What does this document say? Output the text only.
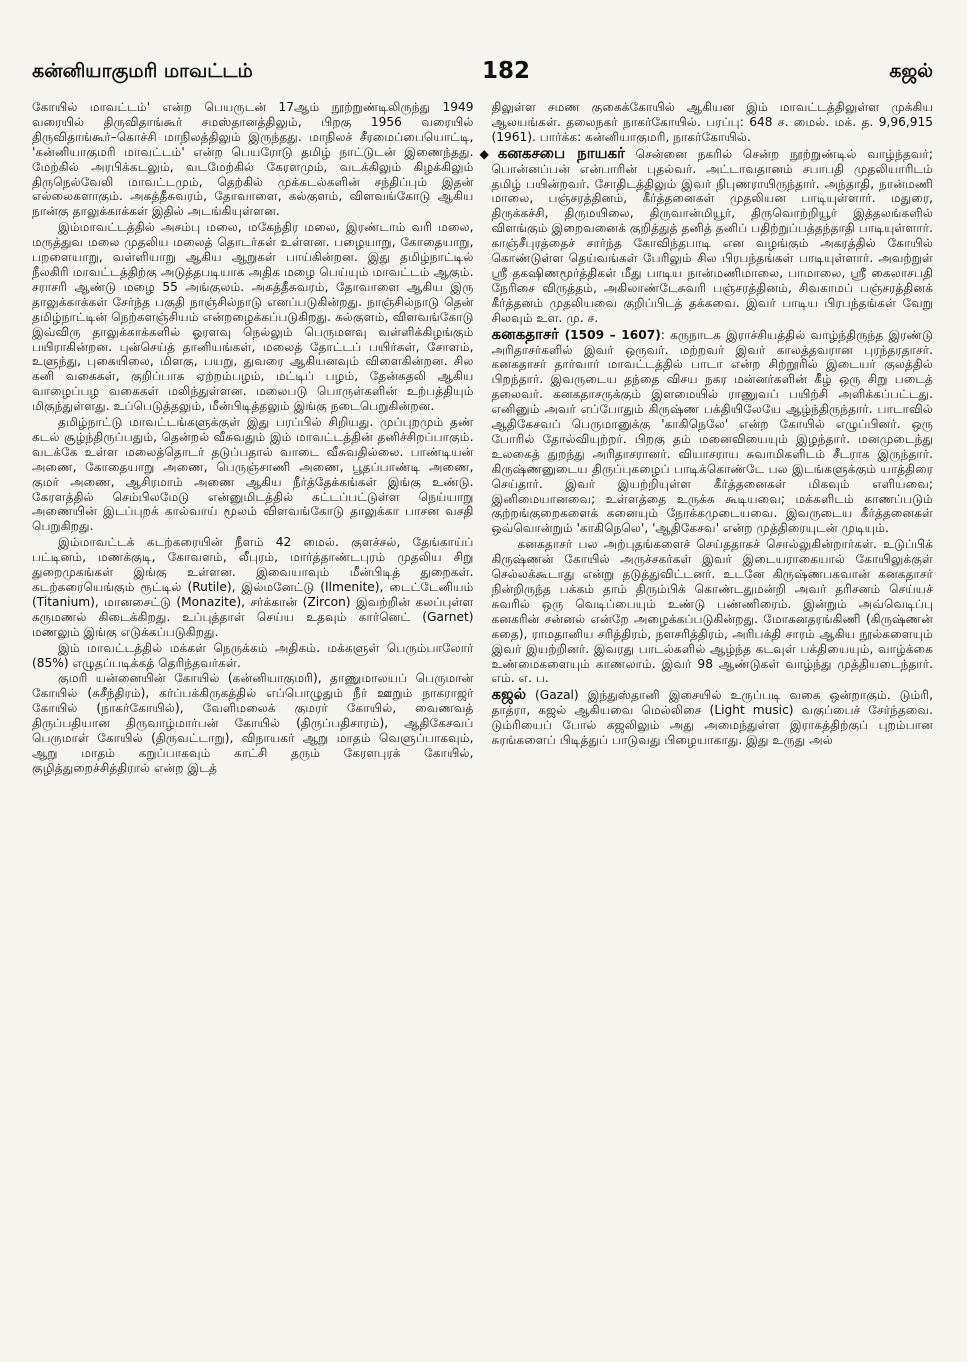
கன்னியாகுமரி மாவட்டம்	182	கஜல்

கோயில் மாவட்டம்' என்ற பெயருடன் 17ஆம் நூற்றுண்டிலிருந்து 1949 வரையில் திருவிதாங்கூர் சமஸ்தானத்திலும், பிறகு 1956 வரையில் திருவிதாங்கூர்–கொச்சி மாநிலத்திலும் இருந்தது. மாநிலச் சீரமைப்பையொட்டி, 'கன்னியாகுமரி மாவட்டம்' என்ற பெயரோடு தமிழ் நாட்டுடன் இணைந்தது. மேற்கில் அரபிக்கடலும், வடமேற்கில் கேரளமும், வடக்கிலும் கிழக்கிலும் திருநெல்வேலி மாவட்டமும், தெற்கில் முக்கடல்களின் சந்திப்பும் இதன் எல்லைகளாகும். அகத்தீசுவரம், தோவாளை, கல்குளம், விளவங்கோடு ஆகிய நான்கு தாலுக்காக்கள் இதில் அடங்கியுள்ளன.

இம்மாவட்டத்தில் அசம்பு மலை, மகேந்திர மலை, இரண்டாம் வரி மலை, மருத்துவ மலை முதலிய மலைத் தொடர்கள் உள்ளன. பழையாறு, கோதையாறு, பறளையாறு, வள்ளியாறு ஆகிய ஆறுகள் பாய்கின்றன. இது தமிழ்நாட்டில் நீலகிரி மாவட்டத்திற்கு அடுத்தபடியாக அதிக மழை பெய்யும் மாவட்டம் ஆகும். சராசரி ஆண்டு மழை 55 அங்குலம். அகத்தீசுவரம், தோவாளை ஆகிய இரு தாலுக்காக்கள் சேர்ந்த பகுதி நாஞ்சில்நாடு எனப்படுகின்றது. நாஞ்சில்நாடு தென் தமிழ்நாட்டின் நெற்களஞ்சியம் என்றழைக்கப்படுகிறது. கல்குளம், விளவங்கோடு இவ்விரு தாலுக்காக்களில் ஓரளவு நெல்லும் பெருமளவு வள்ளிக்கிழங்கும் பயிராகின்றன. புன்செய்த் தானியங்கள், மலைத் தோட்டப் பயிர்கள், சோளம், உளுந்து, புகையிலை, மிளகு, பயறு, துவரை ஆகியனவும் விளைகின்றன. சில கனி வகைகள், குறிப்பாக ஏற்றம்பழம், மட்டிப் பழம், தேன்கதலி ஆகிய வாழைப்பழ வகைகள் மலிந்துள்ளன. மலைபடு பொருள்களின் உற்பத்தியும் மிகுந்துள்ளது. உப்பெடுத்தலும், மீன்பிடித்தலும் இங்கு நடைபெறுகின்றன.

தமிழ்நாட்டு மாவட்டங்களுக்குள் இது பரப்பில் சிறியது. முப்புறமும் தண் கடல் சூழ்ந்திருப்பதும், தென்றல் வீசுவதும் இம் மாவட்டத்தின் தனிச்சிறப்பாகும். வடக்கே உள்ள மலைத்தொடர் தடுப்பதால் வாடை வீசுவதில்லை. பாண்டியன் அணை, கோதையாறு அணை, பெருஞ்சாணி அணை, பூதப்பாண்டி அணை, குமர் அணை, ஆசிரமாம் அணை ஆகிய நீர்த்தேக்கங்கள் இங்கு உண்டு. கேரளத்தில் செம்பிலமேடு என்னுமிடத்தில் கட்டப்பட்டுள்ள நெய்யாறு அணையின் இடப்புறக் கால்வாய் மூலம் விளவங்கோடு தாலுக்கா பாசன வசதி பெறுகிறது.

இம்மாவட்டக் கடற்கரையின் நீளம் 42 மைல். குளச்சல், தேங்காய்ப் பட்டினம், மணக்குடி, கோவளம், லீபுரம், மார்த்தாண்டபுரம் முதலிய சிறு துறைமுகங்கள் இங்கு உள்ளன. இவையாவும் மீன்பிடித் துறைகள். கடற்கரையெங்கும் ரூட்டில் (Rutile), இல்மனேட்டு (Ilmenite), டைட்டேனியம் (Titanium), மானசைட்டு (Monazite), சர்க்கான் (Zircon) இவற்றின் கலப்புள்ள கருமணல் கிடைக்கிறது. உப்புத்தாள் செய்ய உதவும் கார்னெட் (Garnet) மணலும் இங்கு எடுக்கப்படுகிறது.

இம் மாவட்டத்தில் மக்கள் நெருக்கம் அதிகம். மக்களுள் பெரும்பாலோர் (85%) எழுதப்படிக்கத் தெரிந்தவர்கள்.

குமரி யன்னையின் கோயில் (கன்னியாகுமரி), தாணுமாலயப் பெருமான் கோயில் (சுசீந்திரம்), கர்ப்பக்கிருகத்தில் எப்பொழுதும் நீர் ஊறும் நாகராஜர் கோயில் (நாகர்கோயில்), வேளிமலைக் குமரர் கோயில், வைணவத் திருப்பதியான திருவாழ்மார்பன் கோயில் (திருப்பதிசாரம்), ஆதிகேசவப் பெருமாள் கோயில் (திருவட்டாறு), விநாயகர் ஆறு மாதம் வெளுப்பாகவும், ஆறு மாதம் கறுப்பாகவும் காட்சி தரும் கேரளபுரக் கோயில், குழித்துறைச்சித்திரால் என்ற இடத்

திலுள்ள சமண குகைக்கோயில் ஆகியன இம் மாவட்டத்திலுள்ள முக்கிய ஆலயங்கள். தலைநகர் நாகர்கோயில். பரப்பு: 648 ச. மைல். மக். த. 9,96,915 (1961). பார்க்க: கன்னியாகுமரி, நாகர்கோயில்.

◆ கனகசபை நாயகர் சென்னை நகரில் சென்ற நூற்றுண்டில் வாழ்ந்தவர்; பொன்னப்பன் என்பாரின் புதல்வர். அட்டாவதானம் சபாபதி முதலியாரிடம் தமிழ் பயின்றவர். சோதிடத்திலும் இவர் நிபுணராயிருந்தார். அந்தாதி, நான்மணி மாலை, பஞ்சரத்தினம், கீர்த்தனைகள் முதலியன பாடியுள்ளார். மதுரை, திருக்கச்சி, திருமயிலை, திருவான்மியூர், திருவொற்றியூர் இத்தலங்களில் விளங்கும் இறைவனைக் குறித்துத் தனித் தனிப் பதிற்றுப்பத்தந்தாதி பாடியுள்ளார். காஞ்சீபுரத்தைச் சார்ந்த கோவிந்தபாடி என வழங்கும் அகரத்தில் கோயில் கொண்டுள்ள தெய்வங்கள் பேரிலும் சில பிரபந்தங்கள் பாடியுள்ளார். அவற்றுள் ஸ்ரீ தகஷிணமூர்த்திகள் மீது பாடிய நான்மணிமாலை, பாமாலை, ஸ்ரீ கைலாசபதி நேரிசை விருத்தம், அகிலாண்டேசுவரி பஞ்சரத்தினம், சிவகாமப் பஞ்சரத்தினக் கீர்த்தனம் முதலியவை குறிப்பிடத் தக்கவை. இவர் பாடிய பிரபந்தங்கள் வேறு சிலவும் உள. மு. ச.

கனகதாசர் (1509 – 1607): கருநாடக இராச்சியத்தில் வாழ்ந்திருந்த இரண்டு அரிதாசர்களில் இவர் ஒருவர். மற்றவர் இவர் காலத்தவரான புரந்தரதாசர். கனகதாசர் தார்வார் மாவட்டத்தில் பாடா என்ற சிற்றூரில் இடையர் குலத்தில் பிறந்தார். இவருடைய தந்தை விசய நகர மன்னர்களின் கீழ் ஒரு சிறு படைத் தலைவர். கனகதாசருக்கும் இளமையில் ராணுவப் பயிற்சி அளிக்கப்பட்டது. எனினும் அவர் எப்போதும் கிருஷ்ண பக்தியிலேயே ஆழ்ந்திருந்தார். பாடாவில் ஆதிகேசவப் பெருமானுக்கு 'காகிநெலே' என்ற கோயில் எழுப்பினர். ஒரு போரில் தோல்வியுற்றர். பிறகு தம் மனைவியையும் இழந்தார். மனமுடைந்து உலகைத் துறந்து அரிதாசரானர். வியாசராய சுவாமிகளிடம் சீடராக இருந்தார். கிருஷ்ணனுடைய திருப்புகழைப் பாடிக்கொண்டே பல இடங்களுக்கும் யாத்திரை செய்தார். இவர் இயற்றியுள்ள கீர்த்தனைகள் மிகவும் எளியவை; இனிமையானவை; உள்ளத்தை உருக்க கூடியவை; மக்களிடம் காணப்படும் குற்றங்குறைகளைக் கனையும் நோக்கமுடையவை. இவருடைய கீர்த்தனைகள் ஒவ்வொன்றும் 'காகிநெலெ', 'ஆதிகேசவ' என்ற முத்திரையுடன் முடியும்.

கனகதாசர் பல அற்புதங்களைச் செய்ததாகச் சொல்லுகின்றார்கள். உடுப்பிக் கிருஷ்ணன் கோயில் அருச்சகர்கள் இவர் இடையராகையால் கோயிலுக்குள் செல்லக்கூடாது என்று தடுத்துவிட்டனர். உடனே கிருஷ்ணபகவான் கனகதாசர் நின்றிருந்த பக்கம் தாம் திரும்பிக் கொண்டதுமன்றி அவர் தரிசனம் செய்யச் சுவரில் ஒரு வெடிப்பையும் உண்டு பண்ணிரைம். இன்றும் அவ்வெடிப்பு கனகரின் சன்னல் என்றே அழைக்கப்படுகின்றது. மோகனதரங்கிணி (கிருஷ்ணன் கதை), ராமதானிய சரித்திரம், நளசரித்திரம், அரிபக்தி சாரம் ஆகிய நூல்களையும் இவர் இயற்றினர். இவரது பாடல்களில் ஆழ்ந்த கடவுள் பக்தியையும், வாழ்க்கை உண்மைகளையும் காணலாம். இவர் 98 ஆண்டுகள் வாழ்ந்து முத்தியடைந்தார். எம். எ. ப.

கஜல் (Gazal) இந்துஸ்தானி இசையில் உருப்படி வகை ஒன்றாகும். டும்ரி, தாத்ரா, கஜல் ஆகியவை மெல்லிசை (Light music) வகுப்பைச் சேர்ந்தவை. டும்ரியைப் போல் கஜலிலும் அது அமைந்துள்ள இராகத்திற்குப் புறம்பான சுரங்களைப் பிடித்துப் பாடுவது பிழையாகாது. இது உருது அல்
